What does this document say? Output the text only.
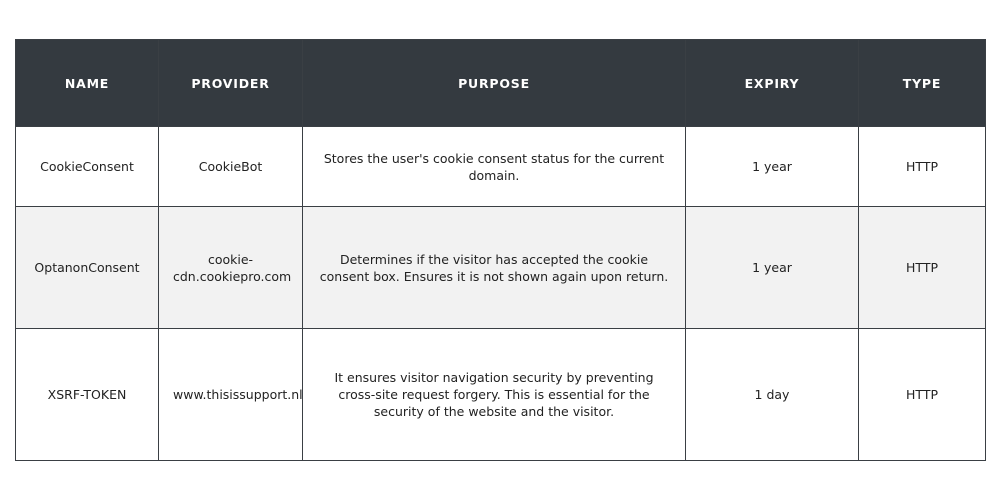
NAME	PROVIDER	PURPOSE	EXPIRY	TYPE
CookieConsent	CookieBot	Stores the user's cookie consent status for the current domain.	1 year	HTTP
OptanonConsent	cookie-cdn.cookiepro.com	Determines if the visitor has accepted the cookie consent box. Ensures it is not shown again upon return.	1 year	HTTP
XSRF-TOKEN	www.thisissupport.nl	It ensures visitor navigation security by preventing cross-site request forgery. This is essential for the security of the website and the visitor.	1 day	HTTP
